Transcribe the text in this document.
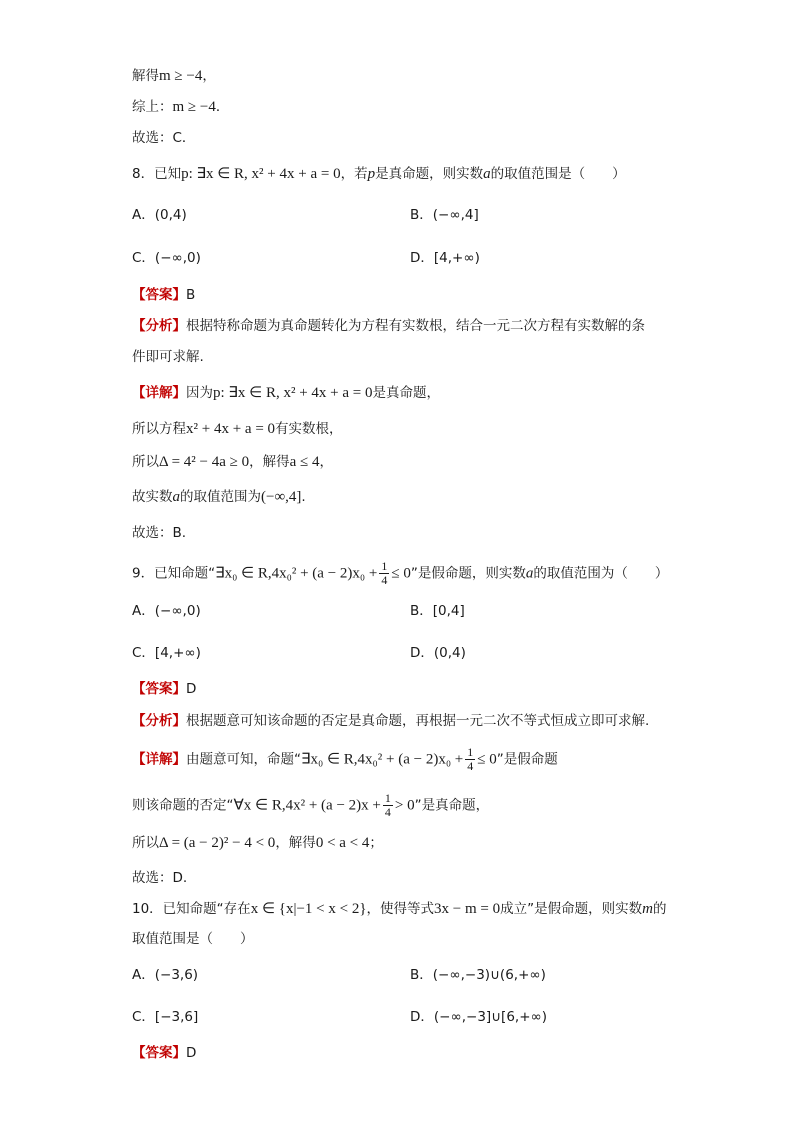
解得m ≥ −4，
综上：m ≥ −4．
故选：C．
8．已知p: ∃x ∈ R, x² + 4x + a = 0，若p是真命题，则实数a的取值范围是（　　）
A．(0,4)	B．(−∞,4]
C．(−∞,0)	D．[4,+∞)
【答案】B
【分析】根据特称命题为真命题转化为方程有实数根，结合一元二次方程有实数解的条
件即可求解.
【详解】因为p: ∃x ∈ R, x² + 4x + a = 0是真命题，
所以方程x² + 4x + a = 0有实数根，
所以Δ = 4² − 4a ≥ 0，解得a ≤ 4，
故实数a的取值范围为(−∞,4].
故选：B.
9．已知命题“∃x₀ ∈ $R,4x_0^2 + (a - 2)x_0 + \frac{1}{4} \le 0$”是假命题，则实数a的取值范围为（　　）
A．(−∞,0)	B．[0,4]
C．[4,+∞)	D．(0,4)
【答案】D
【分析】根据题意可知该命题的否定是真命题，再根据一元二次不等式恒成立即可求解.
【详解】由题意可知，命题“∃x₀ ∈ $R,4x_0^2 + (a - 2)x_0 + \frac{1}{4} \le 0$”是假命题
则该命题的否定“∀x ∈ $R,4x^2 + (a - 2)x + \frac{1}{4} > 0$”是真命题，
所以Δ = (a − 2)² − 4 < 0，解得0 < a < 4；
故选：D.
10．已知命题“存在x ∈ {x|−1 < x < 2}，使得等式3x − m = 0成立”是假命题，则实数m的
取值范围是（　　）
A．(−3,6)	B．(−∞,−3)∪(6,+∞)
C．[−3,6]	D．(−∞,−3]∪[6,+∞)
【答案】D
